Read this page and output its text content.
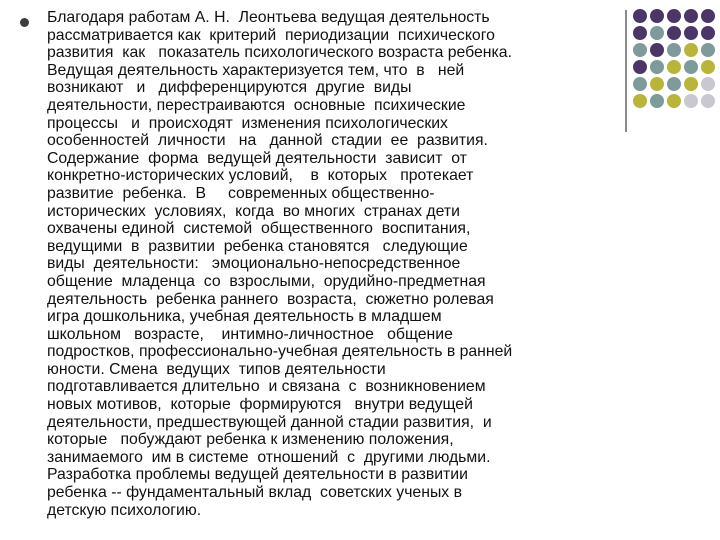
Благодаря работам А. Н.  Леонтьева ведущая деятельность
рассматривается как  критерий  периодизации  психического
развития  как   показатель психологического возраста ребенка.
Ведущая деятельность характеризуется тем, что  в   ней
возникают   и   дифференцируются  другие  виды
деятельности, перестраиваются  основные  психические
процессы   и  происходят  изменения психологических
особенностей  личности   на   данной  стадии  ее  развития.
Содержание  форма  ведущей деятельности  зависит  от
конкретно-исторических условий,    в  которых   протекает
развитие  ребенка.  В     современных общественно-
исторических  условиях,  когда  во многих  странах дети
охвачены единой  системой  общественного  воспитания,
ведущими  в  развитии  ребенка становятся   следующие
виды  деятельности:   эмоционально-непосредственное
общение  младенца  со  взрослыми,  орудийно-предметная
деятельность  ребенка раннего  возраста,  сюжетно ролевая
игра дошкольника, учебная деятельность в младшем
школьном   возрасте,    интимно-личностное   общение
подростков, профессионально-учебная деятельность в ранней
юности. Смена  ведущих  типов деятельности
подготавливается длительно  и связана  с  возникновением
новых мотивов,  которые  формируются   внутри ведущей
деятельности, предшествующей данной стадии развития,  и
которые   побуждают ребенка к изменению положения,
занимаемого  им в системе  отношений  с  другими людьми.
Разработка проблемы ведущей деятельности в развитии
ребенка -- фундаментальный вклад  советских ученых в
детскую психологию.
